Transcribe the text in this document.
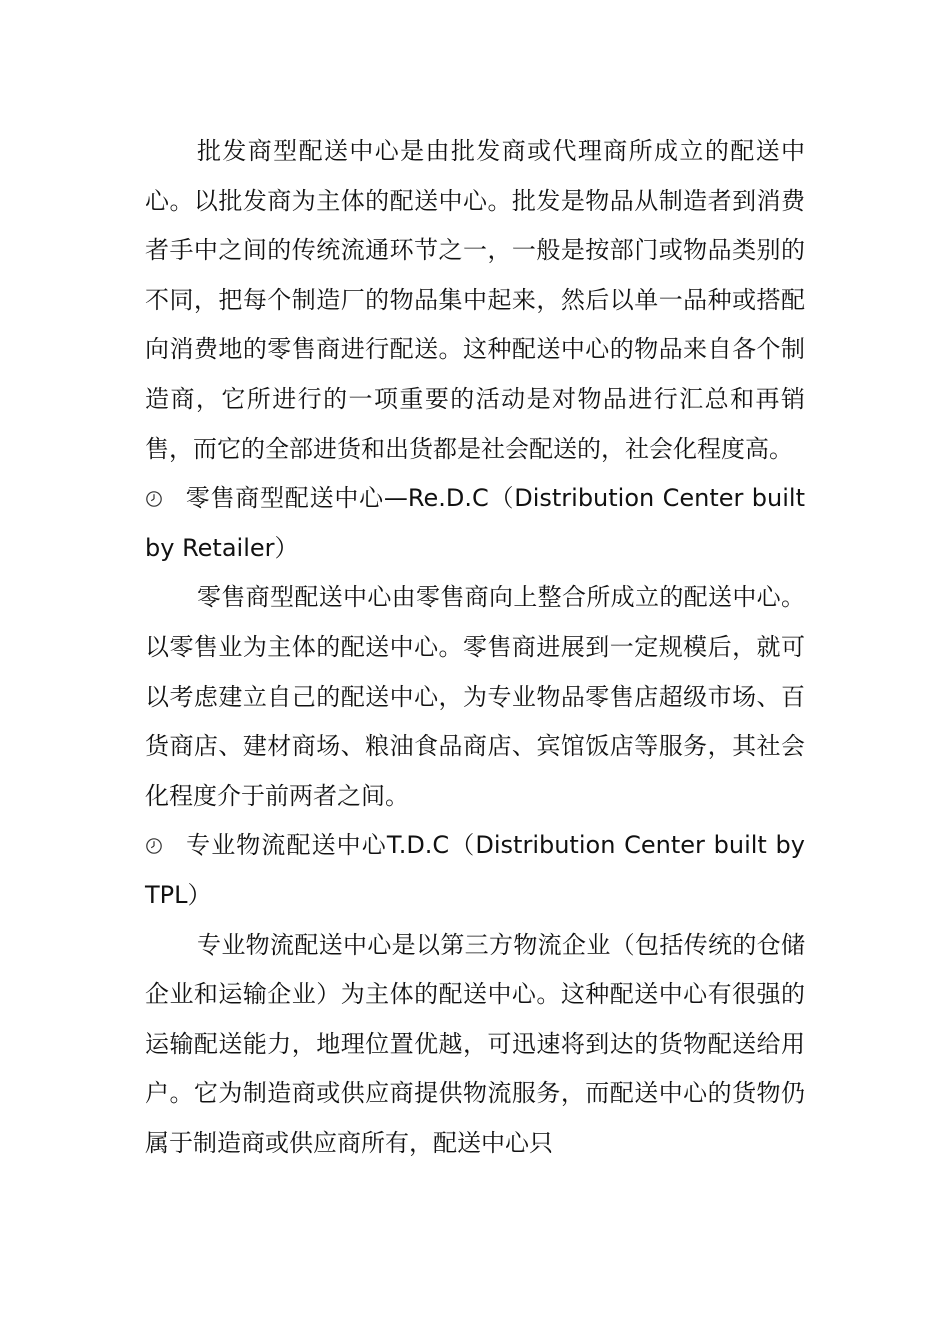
批发商型配送中心是由批发商或代理商所成立的配送中心。以批发商为主体的配送中心。批发是物品从制造者到消费者手中之间的传统流通环节之一，一般是按部门或物品类别的不同，把每个制造厂的物品集中起来，然后以单一品种或搭配向消费地的零售商进行配送。这种配送中心的物品来自各个制造商，它所进行的一项重要的活动是对物品进行汇总和再销售，而它的全部进货和出货都是社会配送的，社会化程度高。

零售商型配送中心—Re.D.C（Distribution Center built by Retailer）

零售商型配送中心由零售商向上整合所成立的配送中心。以零售业为主体的配送中心。零售商进展到一定规模后，就可以考虑建立自己的配送中心，为专业物品零售店超级市场、百货商店、建材商场、粮油食品商店、宾馆饭店等服务，其社会化程度介于前两者之间。

专业物流配送中心T.D.C（Distribution Center built by TPL）

专业物流配送中心是以第三方物流企业（包括传统的仓储企业和运输企业）为主体的配送中心。这种配送中心有很强的运输配送能力，地理位置优越，可迅速将到达的货物配送给用户。它为制造商或供应商提供物流服务，而配送中心的货物仍属于制造商或供应商所有，配送中心只
